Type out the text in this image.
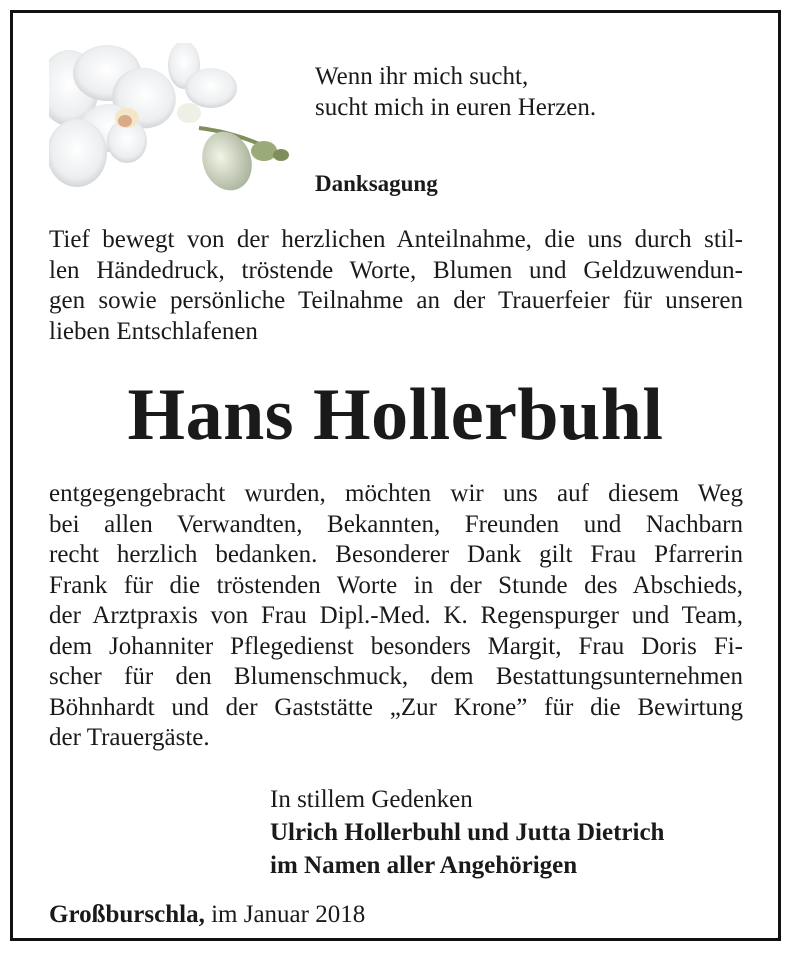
Wenn ihr mich sucht,
sucht mich in euren Herzen.
Danksagung
Tief bewegt von der herzlichen Anteilnahme, die uns durch stil-
len Händedruck, tröstende Worte, Blumen und Geldzuwendun-
gen sowie persönliche Teilnahme an der Trauerfeier für unseren
lieben Entschlafenen
Hans Hollerbuhl
entgegengebracht wurden, möchten wir uns auf diesem Weg
bei allen Verwandten, Bekannten, Freunden und Nachbarn
recht herzlich bedanken. Besonderer Dank gilt Frau Pfarrerin
Frank für die tröstenden Worte in der Stunde des Abschieds,
der Arztpraxis von Frau Dipl.-Med. K. Regenspurger und Team,
dem Johanniter Pflegedienst besonders Margit, Frau Doris Fi-
scher für den Blumenschmuck, dem Bestattungsunternehmen
Böhnhardt und der Gaststätte „Zur Krone” für die Bewirtung
der Trauergäste.
In stillem Gedenken
Ulrich Hollerbuhl und Jutta Dietrich
im Namen aller Angehörigen
Großburschla, im Januar 2018
